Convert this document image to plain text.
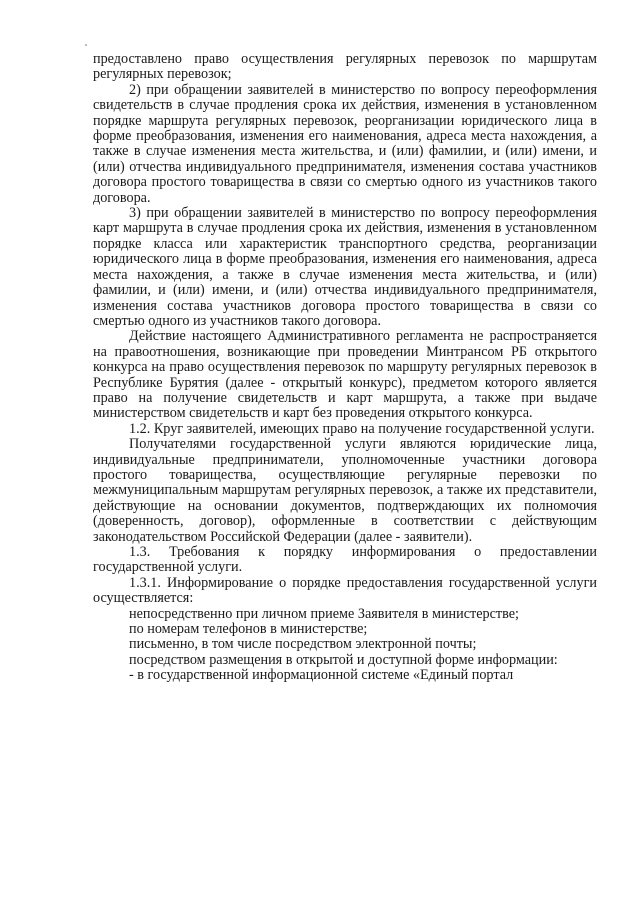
предоставлено право осуществления регулярных перевозок по маршрутам регулярных перевозок;

2) при обращении заявителей в министерство по вопросу переоформления свидетельств в случае продления срока их действия, изменения в установленном порядке маршрута регулярных перевозок, реорганизации юридического лица в форме преобразования, изменения его наименования, адреса места нахождения, а также в случае изменения места жительства, и (или) фамилии, и (или) имени, и (или) отчества индивидуального предпринимателя, изменения состава участников договора простого товарищества в связи со смертью одного из участников такого договора.

3) при обращении заявителей в министерство по вопросу переоформления карт маршрута в случае продления срока их действия, изменения в установленном порядке класса или характеристик транспортного средства, реорганизации юридического лица в форме преобразования, изменения его наименования, адреса места нахождения, а также в случае изменения места жительства, и (или) фамилии, и (или) имени, и (или) отчества индивидуального предпринимателя, изменения состава участников договора простого товарищества в связи со смертью одного из участников такого договора.

Действие настоящего Административного регламента не распространяется на правоотношения, возникающие при проведении Минтрансом РБ открытого конкурса на право осуществления перевозок по маршруту регулярных перевозок в Республике Бурятия (далее - открытый конкурс), предметом которого является право на получение свидетельств и карт маршрута, а также при выдаче министерством свидетельств и карт без проведения открытого конкурса.

1.2. Круг заявителей, имеющих право на получение государственной услуги.

Получателями государственной услуги являются юридические лица, индивидуальные предприниматели, уполномоченные участники договора простого товарищества, осуществляющие регулярные перевозки по межмуниципальным маршрутам регулярных перевозок, а также их представители, действующие на основании документов, подтверждающих их полномочия (доверенность, договор), оформленные в соответствии с действующим законодательством Российской Федерации (далее - заявители).

1.3. Требования к порядку информирования о предоставлении государственной услуги.

1.3.1. Информирование о порядке предоставления государственной услуги осуществляется:

непосредственно при личном приеме Заявителя в министерстве;

по номерам телефонов в министерстве;

письменно, в том числе посредством электронной почты;

посредством размещения в открытой и доступной форме информации:

- в государственной информационной системе «Единый портал
